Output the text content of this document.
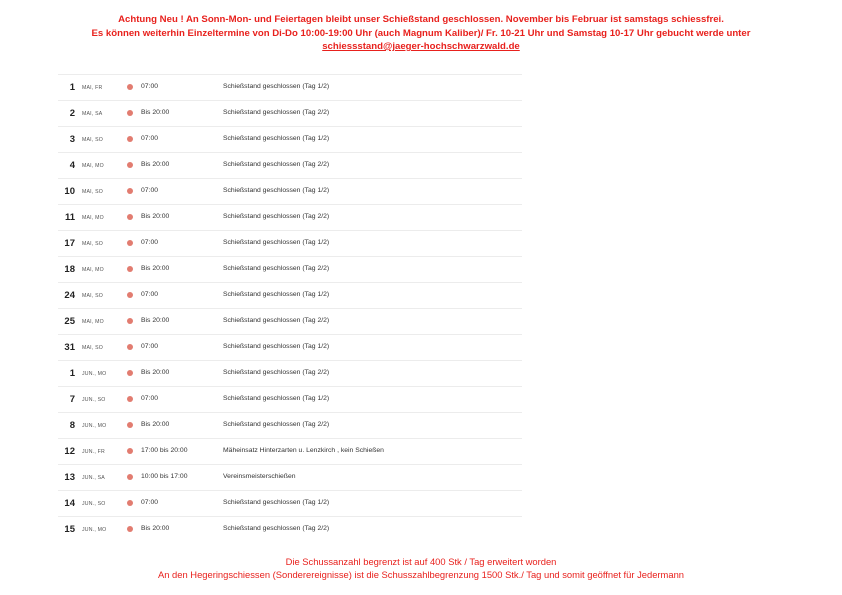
Achtung Neu ! An Sonn-Mon- und Feiertagen bleibt unser Schießstand geschlossen. November bis Februar ist samstags schiessfrei.
Es können weiterhin Einzeltermine von Di-Do 10:00-19:00 Uhr (auch Magnum Kaliber)/ Fr. 10-21 Uhr und Samstag 10-17 Uhr gebucht werde unter
schiessstand@jaeger-hochschwarzwald.de
1 MAI, FR	07:00	Schießstand geschlossen (Tag 1/2)
2 MAI, SA	Bis 20:00	Schießstand geschlossen (Tag 2/2)
3 MAI, SO	07:00	Schießstand geschlossen (Tag 1/2)
4 MAI, MO	Bis 20:00	Schießstand geschlossen (Tag 2/2)
10 MAI, SO	07:00	Schießstand geschlossen (Tag 1/2)
11 MAI, MO	Bis 20:00	Schießstand geschlossen (Tag 2/2)
17 MAI, SO	07:00	Schießstand geschlossen (Tag 1/2)
18 MAI, MO	Bis 20:00	Schießstand geschlossen (Tag 2/2)
24 MAI, SO	07:00	Schießstand geschlossen (Tag 1/2)
25 MAI, MO	Bis 20:00	Schießstand geschlossen (Tag 2/2)
31 MAI, SO	07:00	Schießstand geschlossen (Tag 1/2)
1 JUN., MO	Bis 20:00	Schießstand geschlossen (Tag 2/2)
7 JUN., SO	07:00	Schießstand geschlossen (Tag 1/2)
8 JUN., MO	Bis 20:00	Schießstand geschlossen (Tag 2/2)
12 JUN., FR	17:00 bis 20:00	Mäheinsatz Hinterzarten u. Lenzkirch , kein Schießen
13 JUN., SA	10:00 bis 17:00	Vereinsmeisterschießen
14 JUN., SO	07:00	Schießstand geschlossen (Tag 1/2)
15 JUN., MO	Bis 20:00	Schießstand geschlossen (Tag 2/2)
Die Schussanzahl begrenzt ist auf 400 Stk / Tag erweitert worden
An den Hegeringschiessen (Sonderereignisse) ist die Schusszahlbegrenzung 1500 Stk./ Tag und somit geöffnet für Jedermann
